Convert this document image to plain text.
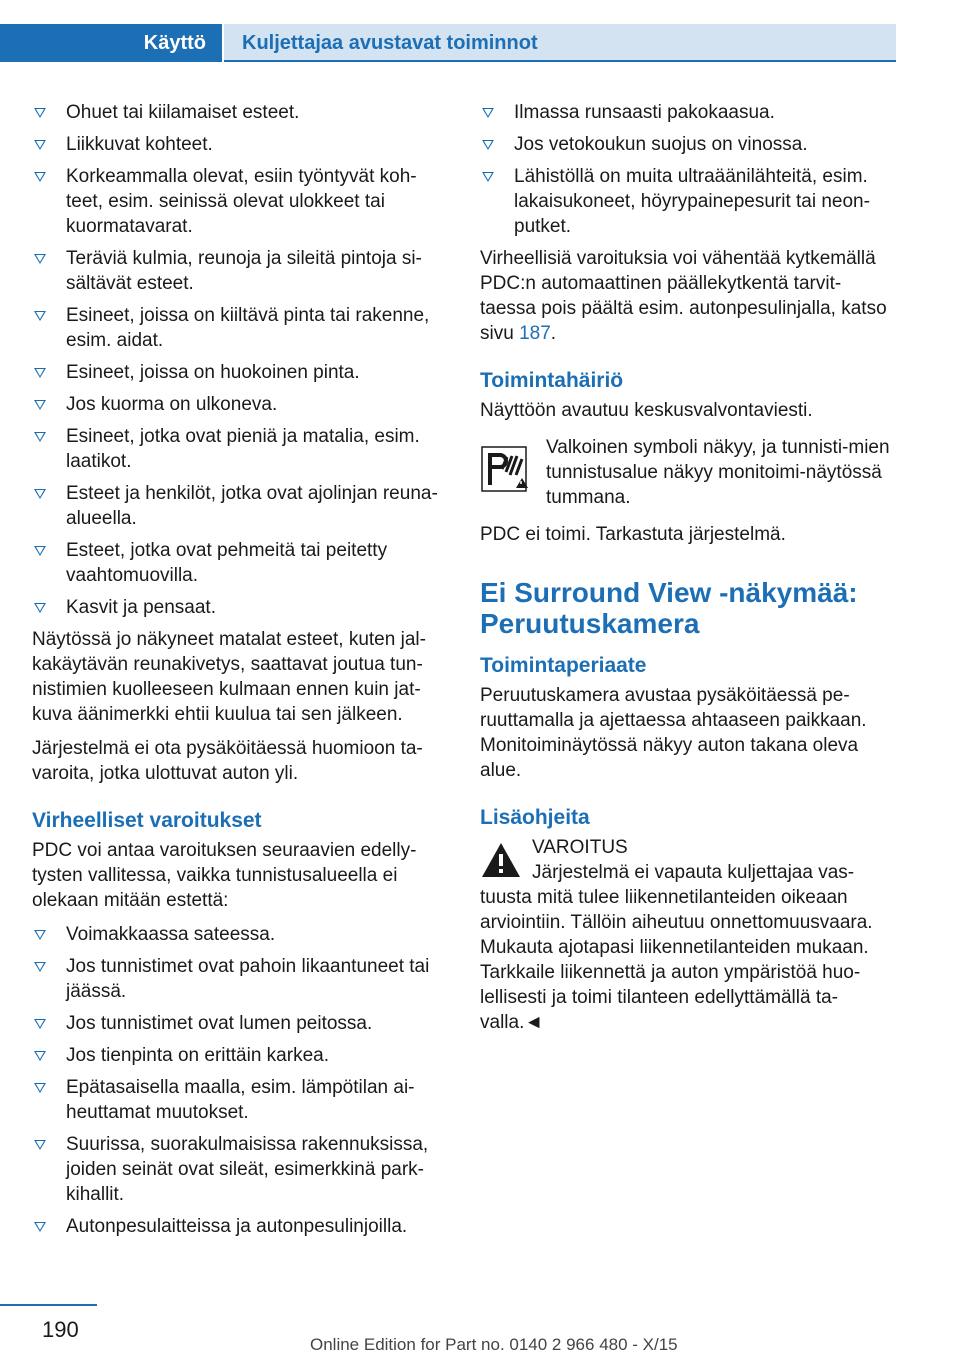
Käyttö Kuljettajaa avustavat toiminnot
Ohuet tai kiilamaiset esteet.
Liikkuvat kohteet.
Korkeammalla olevat, esiin työntyvät koh‐teet, esim. seinissä olevat ulokkeet tai kuormatavarat.
Teräviä kulmia, reunoja ja sileitä pintoja si‐sältävät esteet.
Esineet, joissa on kiiltävä pinta tai rakenne, esim. aidat.
Esineet, joissa on huokoinen pinta.
Jos kuorma on ulkoneva.
Esineet, jotka ovat pieniä ja matalia, esim. laatikot.
Esteet ja henkilöt, jotka ovat ajolinjan reuna-alueella.
Esteet, jotka ovat pehmeitä tai peitetty vaahtomuovilla.
Kasvit ja pensaat.

Näytössä jo näkyneet matalat esteet, kuten jal‐kakäytävän reunakivetys, saattavat joutua tun‐nistimien kuolleeseen kulmaan ennen kuin jat‐kuva äänimerkki ehtii kuulua tai sen jälkeen.

Järjestelmä ei ota pysäköitäessä huomioon ta‐varoita, jotka ulottuvat auton yli.

Virheelliset varoitukset

PDC voi antaa varoituksen seuraavien edelly‐tysten vallitessa, vaikka tunnistusalueella ei olekaan mitään estettä:

Voimakkaassa sateessa.
Jos tunnistimet ovat pahoin likaantuneet tai jäässä.
Jos tunnistimet ovat lumen peitossa.
Jos tienpinta on erittäin karkea.
Epätasaisella maalla, esim. lämpötilan ai‐heuttamat muutokset.
Suurissa, suorakulmaisissa rakennuksissa, joiden seinät ovat sileät, esimerkkinä park‐kihallit.
Autonpesulaitteissa ja autonpesulinjoilla.
Ilmassa runsaasti pakokaasua.
Jos vetokoukun suojus on vinossa.
Lähistöllä on muita ultraäänilähteitä, esim. lakaisukoneet, höyrypainepesurit tai neon‐putket.

Virheellisiä varoituksia voi vähentää kytkemällä PDC:n automaattinen päällekytkentä tarvit‐taessa pois päältä esim. autonpesulinjalla, katso sivu 187.

Toimintahäiriö

Näyttöön avautuu keskusvalvontaviesti.

Valkoinen symboli näkyy, ja tunnisti‐mien tunnistusalue näkyy monitoimi‐näytössä tummana.

PDC ei toimi. Tarkastuta järjestelmä.

Ei Surround View -näkymää:
Peruutuskamera
Toimintaperiaate

Peruutuskamera avustaa pysäköitäessä pe‐ruuttamalla ja ajettaessa ahtaaseen paikkaan. Monitoiminäytössä näkyy auton takana oleva alue.

Lisäohjeita
VAROITUS
Järjestelmä ei vapauta kuljettajaa vas‐

tuusta mitä tulee liikennetilanteiden oikeaan arviointiin. Tällöin aiheutuu onnettomuusvaara. Mukauta ajotapasi liikennetilanteiden mukaan. Tarkkaile liikennettä ja auton ympäristöä huo‐lellisesti ja toimi tilanteen edellyttämällä ta‐valla.◄

190
Online Edition for Part no. 0140 2 966 480 - X/15
